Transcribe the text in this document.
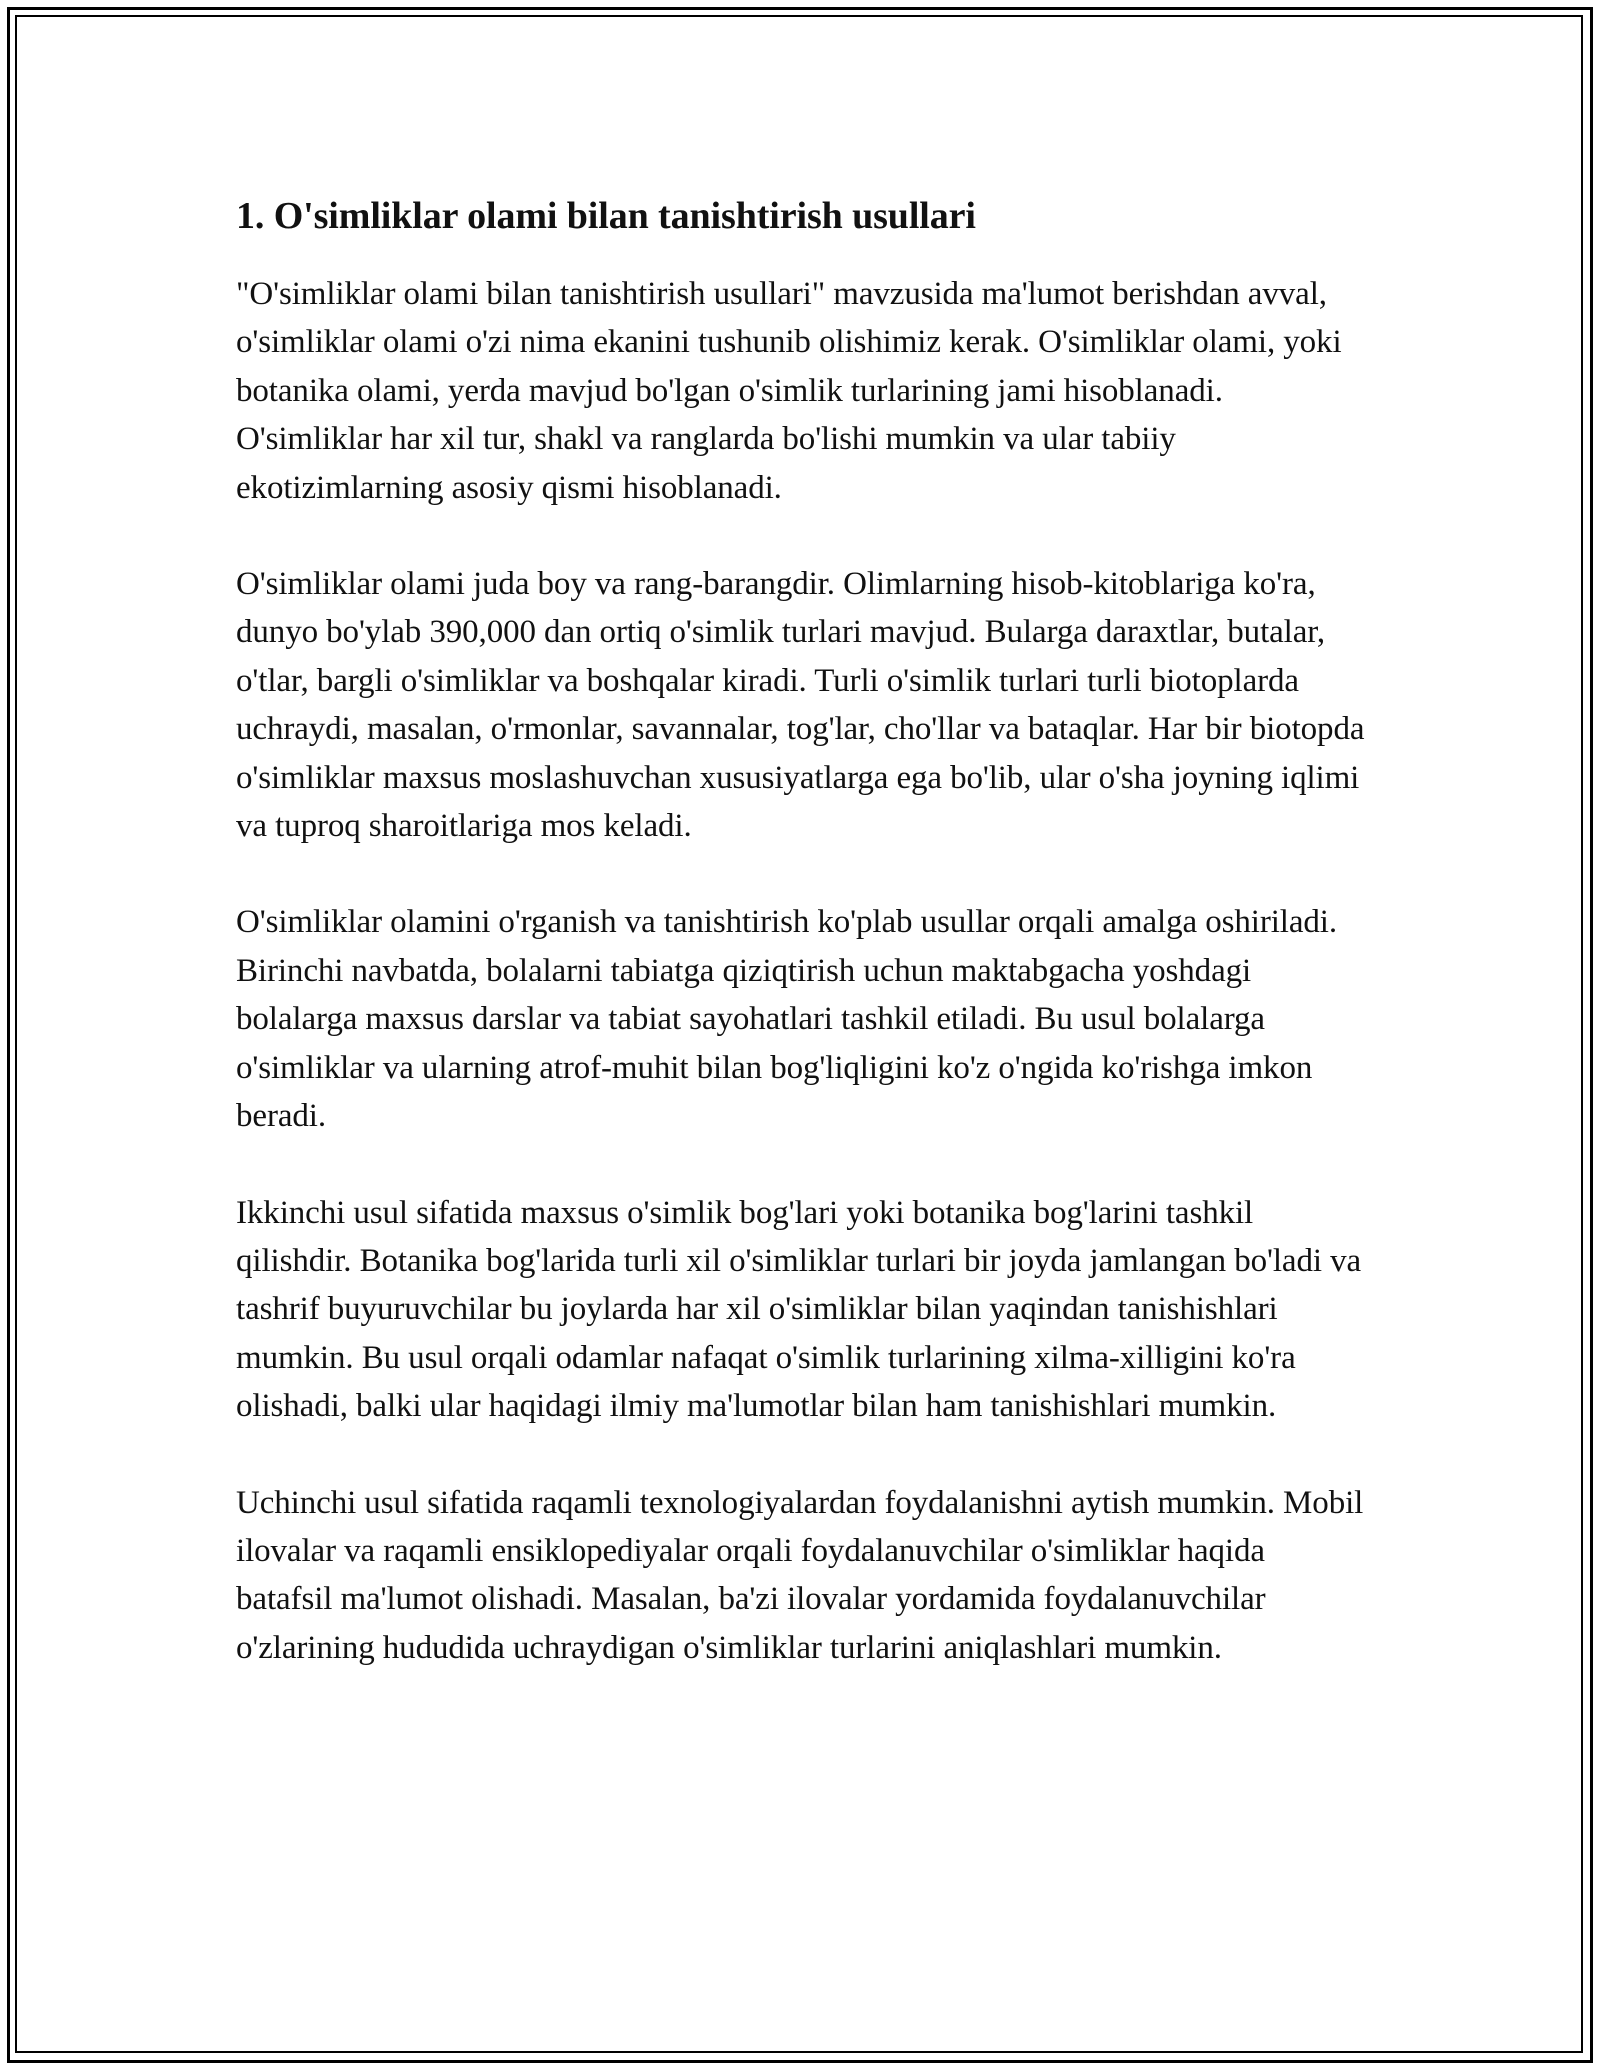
1. O'simliklar olami bilan tanishtirish usullari

"O'simliklar olami bilan tanishtirish usullari" mavzusida ma'lumot berishdan avval, o'simliklar olami o'zi nima ekanini tushunib olishimiz kerak. O'simliklar olami, yoki botanika olami, yerda mavjud bo'lgan o'simlik turlarining jami hisoblanadi. O'simliklar har xil tur, shakl va ranglarda bo'lishi mumkin va ular tabiiy ekotizimlarning asosiy qismi hisoblanadi.

O'simliklar olami juda boy va rang-barangdir. Olimlarning hisob-kitoblariga ko'ra, dunyo bo'ylab 390,000 dan ortiq o'simlik turlari mavjud. Bularga daraxtlar, butalar, o'tlar, bargli o'simliklar va boshqalar kiradi. Turli o'simlik turlari turli biotoplarda uchraydi, masalan, o'rmonlar, savannalar, tog'lar, cho'llar va bataqlar. Har bir biotopda o'simliklar maxsus moslashuvchan xususiyatlarga ega bo'lib, ular o'sha joyning iqlimi va tuproq sharoitlariga mos keladi.

O'simliklar olamini o'rganish va tanishtirish ko'plab usullar orqali amalga oshiriladi. Birinchi navbatda, bolalarni tabiatga qiziqtirish uchun maktabgacha yoshdagi bolalarga maxsus darslar va tabiat sayohatlari tashkil etiladi. Bu usul bolalarga o'simliklar va ularning atrof-muhit bilan bog'liqligini ko'z o'ngida ko'rishga imkon beradi.

Ikkinchi usul sifatida maxsus o'simlik bog'lari yoki botanika bog'larini tashkil qilishdir. Botanika bog'larida turli xil o'simliklar turlari bir joyda jamlangan bo'ladi va tashrif buyuruvchilar bu joylarda har xil o'simliklar bilan yaqindan tanishishlari mumkin. Bu usul orqali odamlar nafaqat o'simlik turlarining xilma-xilligini ko'ra olishadi, balki ular haqidagi ilmiy ma'lumotlar bilan ham tanishishlari mumkin.

Uchinchi usul sifatida raqamli texnologiyalardan foydalanishni aytish mumkin. Mobil ilovalar va raqamli ensiklopediyalar orqali foydalanuvchilar o'simliklar haqida batafsil ma'lumot olishadi. Masalan, ba'zi ilovalar yordamida foydalanuvchilar o'zlarining hududida uchraydigan o'simliklar turlarini aniqlashlari mumkin.
